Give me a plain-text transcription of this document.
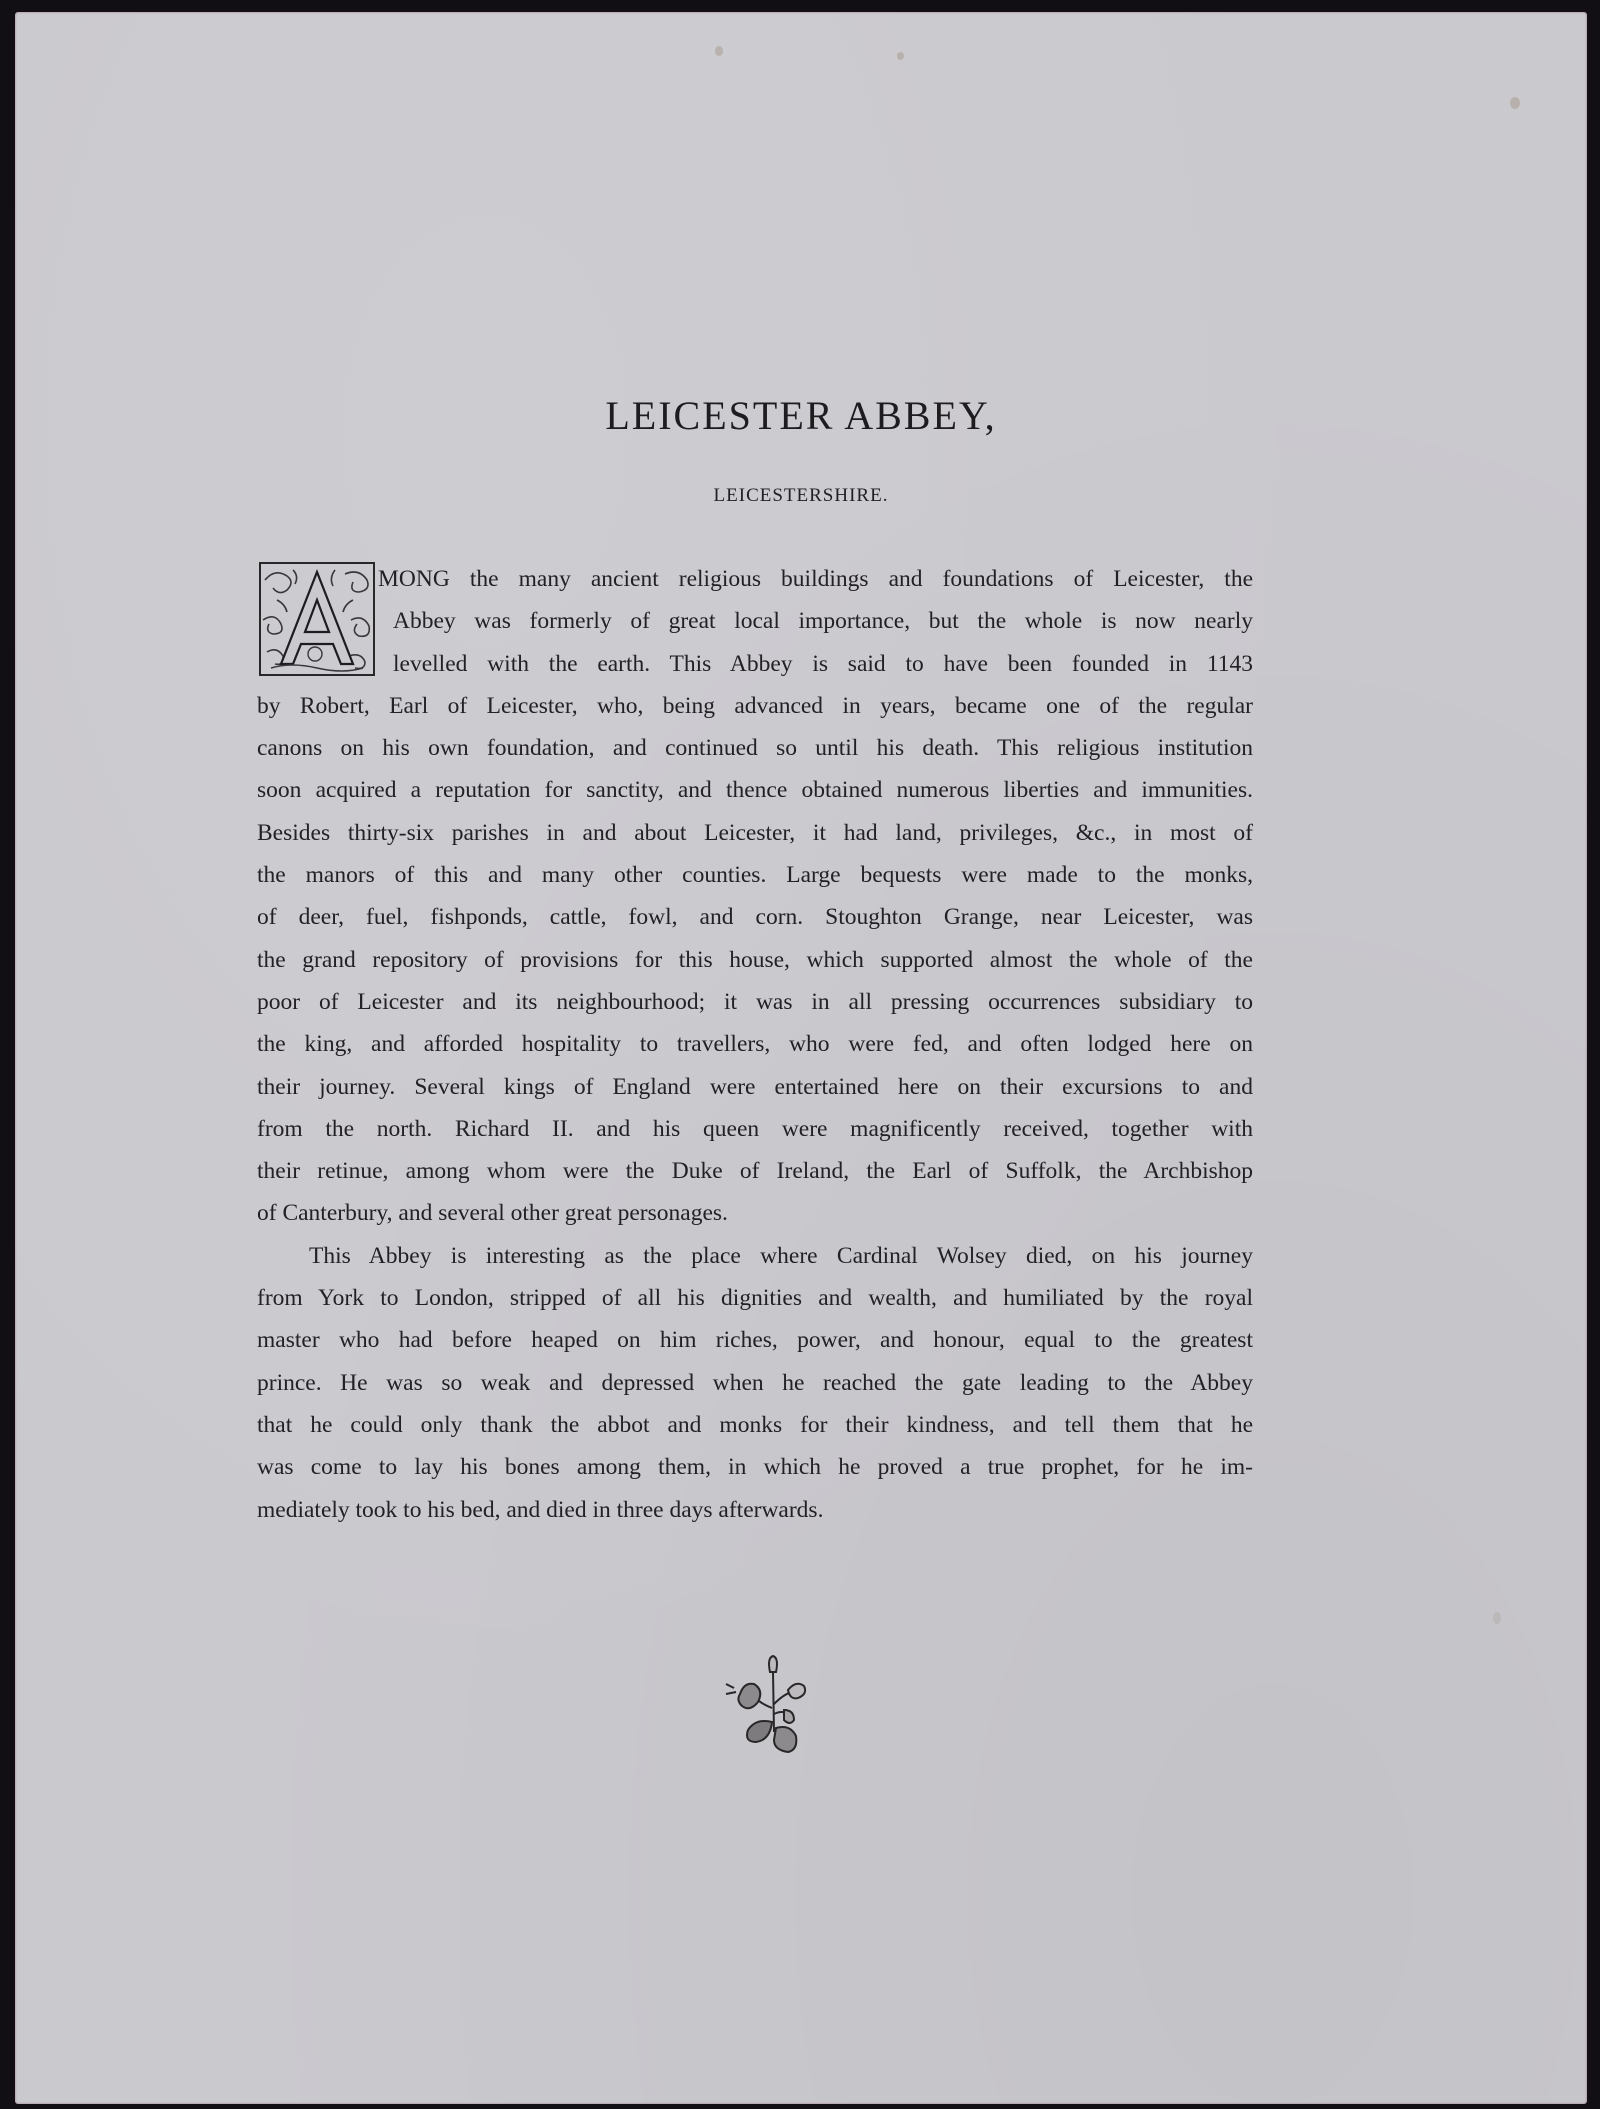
LEICESTER ABBEY,
LEICESTERSHIRE.
MONG the many ancient religious buildings and foundations of Leicester, the
Abbey was formerly of great local importance, but the whole is now nearly
levelled with the earth. This Abbey is said to have been founded in 1143
by Robert, Earl of Leicester, who, being advanced in years, became one of the regular
canons on his own foundation, and continued so until his death. This religious institution
soon acquired a reputation for sanctity, and thence obtained numerous liberties and immunities.
Besides thirty-six parishes in and about Leicester, it had land, privileges, &c., in most of
the manors of this and many other counties. Large bequests were made to the monks,
of deer, fuel, fishponds, cattle, fowl, and corn. Stoughton Grange, near Leicester, was
the grand repository of provisions for this house, which supported almost the whole of the
poor of Leicester and its neighbourhood; it was in all pressing occurrences subsidiary to
the king, and afforded hospitality to travellers, who were fed, and often lodged here on
their journey. Several kings of England were entertained here on their excursions to and
from the north. Richard II. and his queen were magnificently received, together with
their retinue, among whom were the Duke of Ireland, the Earl of Suffolk, the Archbishop
of Canterbury, and several other great personages.
This Abbey is interesting as the place where Cardinal Wolsey died, on his journey
from York to London, stripped of all his dignities and wealth, and humiliated by the royal
master who had before heaped on him riches, power, and honour, equal to the greatest
prince. He was so weak and depressed when he reached the gate leading to the Abbey
that he could only thank the abbot and monks for their kindness, and tell them that he
was come to lay his bones among them, in which he proved a true prophet, for he im-
mediately took to his bed, and died in three days afterwards.
